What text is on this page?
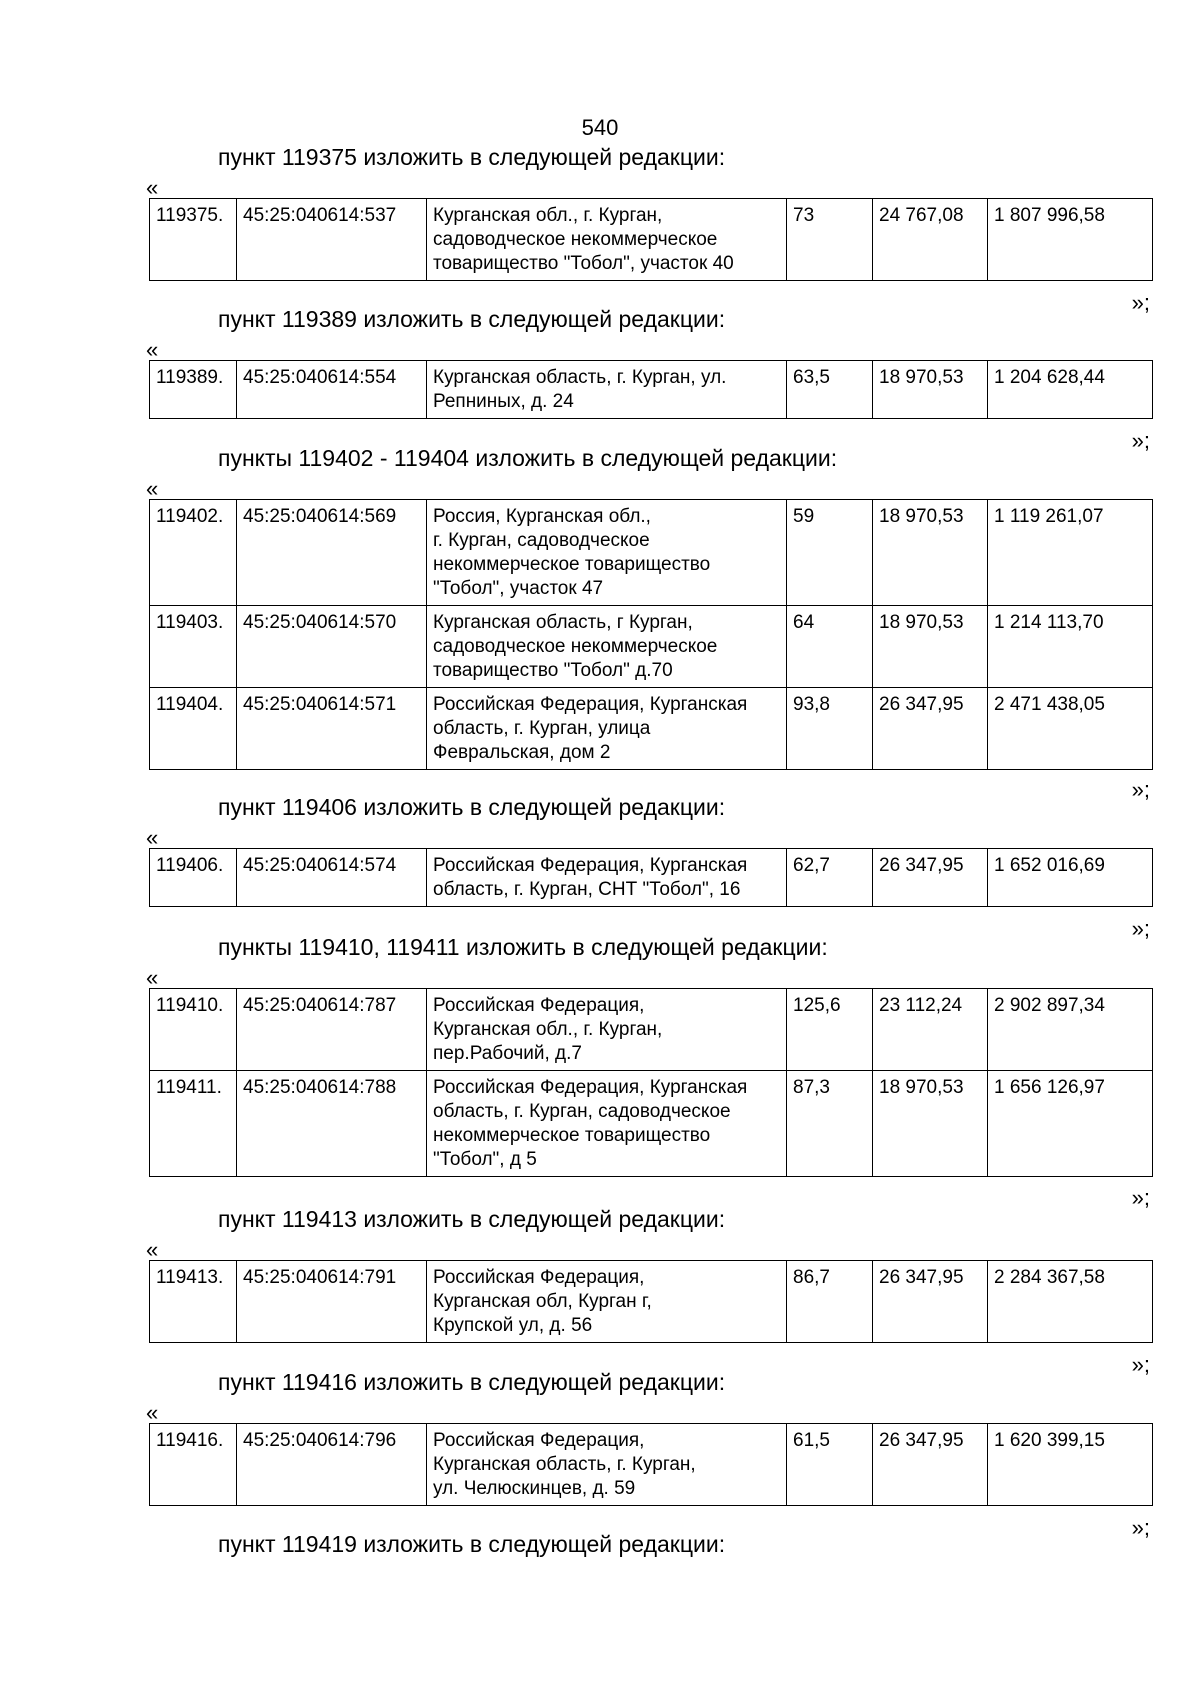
540
пункт 119375 изложить в следующей редакции:
«
119375.	45:25:040614:537	Курганская обл., г. Курган,
садоводческое некоммерческое
товарищество "Тобол", участок 40	73	24 767,08	1 807 996,58
»;
пункт 119389 изложить в следующей редакции:
«
119389.	45:25:040614:554	Курганская область, г. Курган, ул.
Репниных, д. 24	63,5	18 970,53	1 204 628,44
»;
пункты 119402 - 119404 изложить в следующей редакции:
«
119402.	45:25:040614:569	Россия, Курганская обл.,
г. Курган, садоводческое
некоммерческое товарищество
"Тобол", участок 47	59	18 970,53	1 119 261,07
119403.	45:25:040614:570	Курганская область, г Курган,
садоводческое некоммерческое
товарищество "Тобол" д.70	64	18 970,53	1 214 113,70
119404.	45:25:040614:571	Российская Федерация, Курганская
область, г. Курган, улица
Февральская, дом 2	93,8	26 347,95	2 471 438,05
»;
пункт 119406 изложить в следующей редакции:
«
119406.	45:25:040614:574	Российская Федерация, Курганская
область, г. Курган, СНТ "Тобол", 16	62,7	26 347,95	1 652 016,69
»;
пункты 119410, 119411 изложить в следующей редакции:
«
119410.	45:25:040614:787	Российская Федерация,
Курганская обл., г. Курган,
пер.Рабочий, д.7	125,6	23 112,24	2 902 897,34
119411.	45:25:040614:788	Российская Федерация, Курганская
область, г. Курган, садоводческое
некоммерческое товарищество
"Тобол", д 5	87,3	18 970,53	1 656 126,97
»;
пункт 119413 изложить в следующей редакции:
«
119413.	45:25:040614:791	Российская Федерация,
Курганская обл, Курган г,
Крупской ул, д. 56	86,7	26 347,95	2 284 367,58
»;
пункт 119416 изложить в следующей редакции:
«
119416.	45:25:040614:796	Российская Федерация,
Курганская область, г. Курган,
ул. Челюскинцев, д. 59	61,5	26 347,95	1 620 399,15
»;
пункт 119419 изложить в следующей редакции:
